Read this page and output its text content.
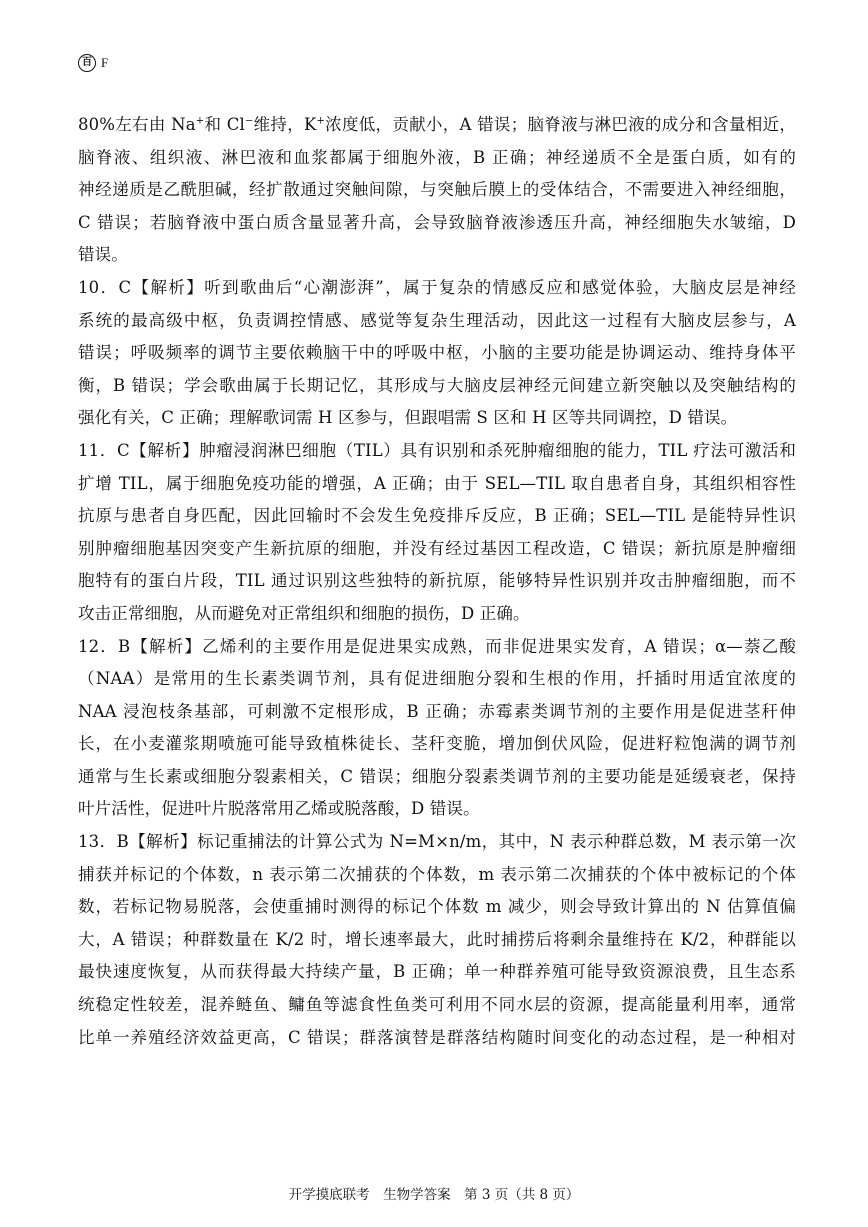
百 F
80%左右由 Na+和 Cl−维持，K+浓度低，贡献小，A 错误；脑脊液与淋巴液的成分和含量相近，
脑脊液、组织液、淋巴液和血浆都属于细胞外液，B 正确；神经递质不全是蛋白质，如有的
神经递质是乙酰胆碱，经扩散通过突触间隙，与突触后膜上的受体结合，不需要进入神经细胞，
C 错误；若脑脊液中蛋白质含量显著升高，会导致脑脊液渗透压升高，神经细胞失水皱缩，D
错误。
10．C【解析】听到歌曲后“心潮澎湃”，属于复杂的情感反应和感觉体验，大脑皮层是神经
系统的最高级中枢，负责调控情感、感觉等复杂生理活动，因此这一过程有大脑皮层参与，A
错误；呼吸频率的调节主要依赖脑干中的呼吸中枢，小脑的主要功能是协调运动、维持身体平
衡，B 错误；学会歌曲属于长期记忆，其形成与大脑皮层神经元间建立新突触以及突触结构的
强化有关，C 正确；理解歌词需 H 区参与，但跟唱需 S 区和 H 区等共同调控，D 错误。
11．C【解析】肿瘤浸润淋巴细胞（TIL）具有识别和杀死肿瘤细胞的能力，TIL 疗法可激活和
扩增 TIL，属于细胞免疫功能的增强，A 正确；由于 SEL—TIL 取自患者自身，其组织相容性
抗原与患者自身匹配，因此回输时不会发生免疫排斥反应，B 正确；SEL—TIL 是能特异性识
别肿瘤细胞基因突变产生新抗原的细胞，并没有经过基因工程改造，C 错误；新抗原是肿瘤细
胞特有的蛋白片段，TIL 通过识别这些独特的新抗原，能够特异性识别并攻击肿瘤细胞，而不
攻击正常细胞，从而避免对正常组织和细胞的损伤，D 正确。
12．B【解析】乙烯利的主要作用是促进果实成熟，而非促进果实发育，A 错误；α—萘乙酸
（NAA）是常用的生长素类调节剂，具有促进细胞分裂和生根的作用，扦插时用适宜浓度的
NAA 浸泡枝条基部，可刺激不定根形成，B 正确；赤霉素类调节剂的主要作用是促进茎秆伸
长，在小麦灌浆期喷施可能导致植株徒长、茎秆变脆，增加倒伏风险，促进籽粒饱满的调节剂
通常与生长素或细胞分裂素相关，C 错误；细胞分裂素类调节剂的主要功能是延缓衰老，保持
叶片活性，促进叶片脱落常用乙烯或脱落酸，D 错误。
13．B【解析】标记重捕法的计算公式为 N=M×n/m，其中，N 表示种群总数，M 表示第一次
捕获并标记的个体数，n 表示第二次捕获的个体数，m 表示第二次捕获的个体中被标记的个体
数，若标记物易脱落，会使重捕时测得的标记个体数 m 减少，则会导致计算出的 N 估算值偏
大，A 错误；种群数量在 K/2 时，增长速率最大，此时捕捞后将剩余量维持在 K/2，种群能以
最快速度恢复，从而获得最大持续产量，B 正确；单一种群养殖可能导致资源浪费，且生态系
统稳定性较差，混养鲢鱼、鳙鱼等滤食性鱼类可利用不同水层的资源，提高能量利用率，通常
比单一养殖经济效益更高，C 错误；群落演替是群落结构随时间变化的动态过程，是一种相对
开学摸底联考　生物学答案　第 3 页（共 8 页）
